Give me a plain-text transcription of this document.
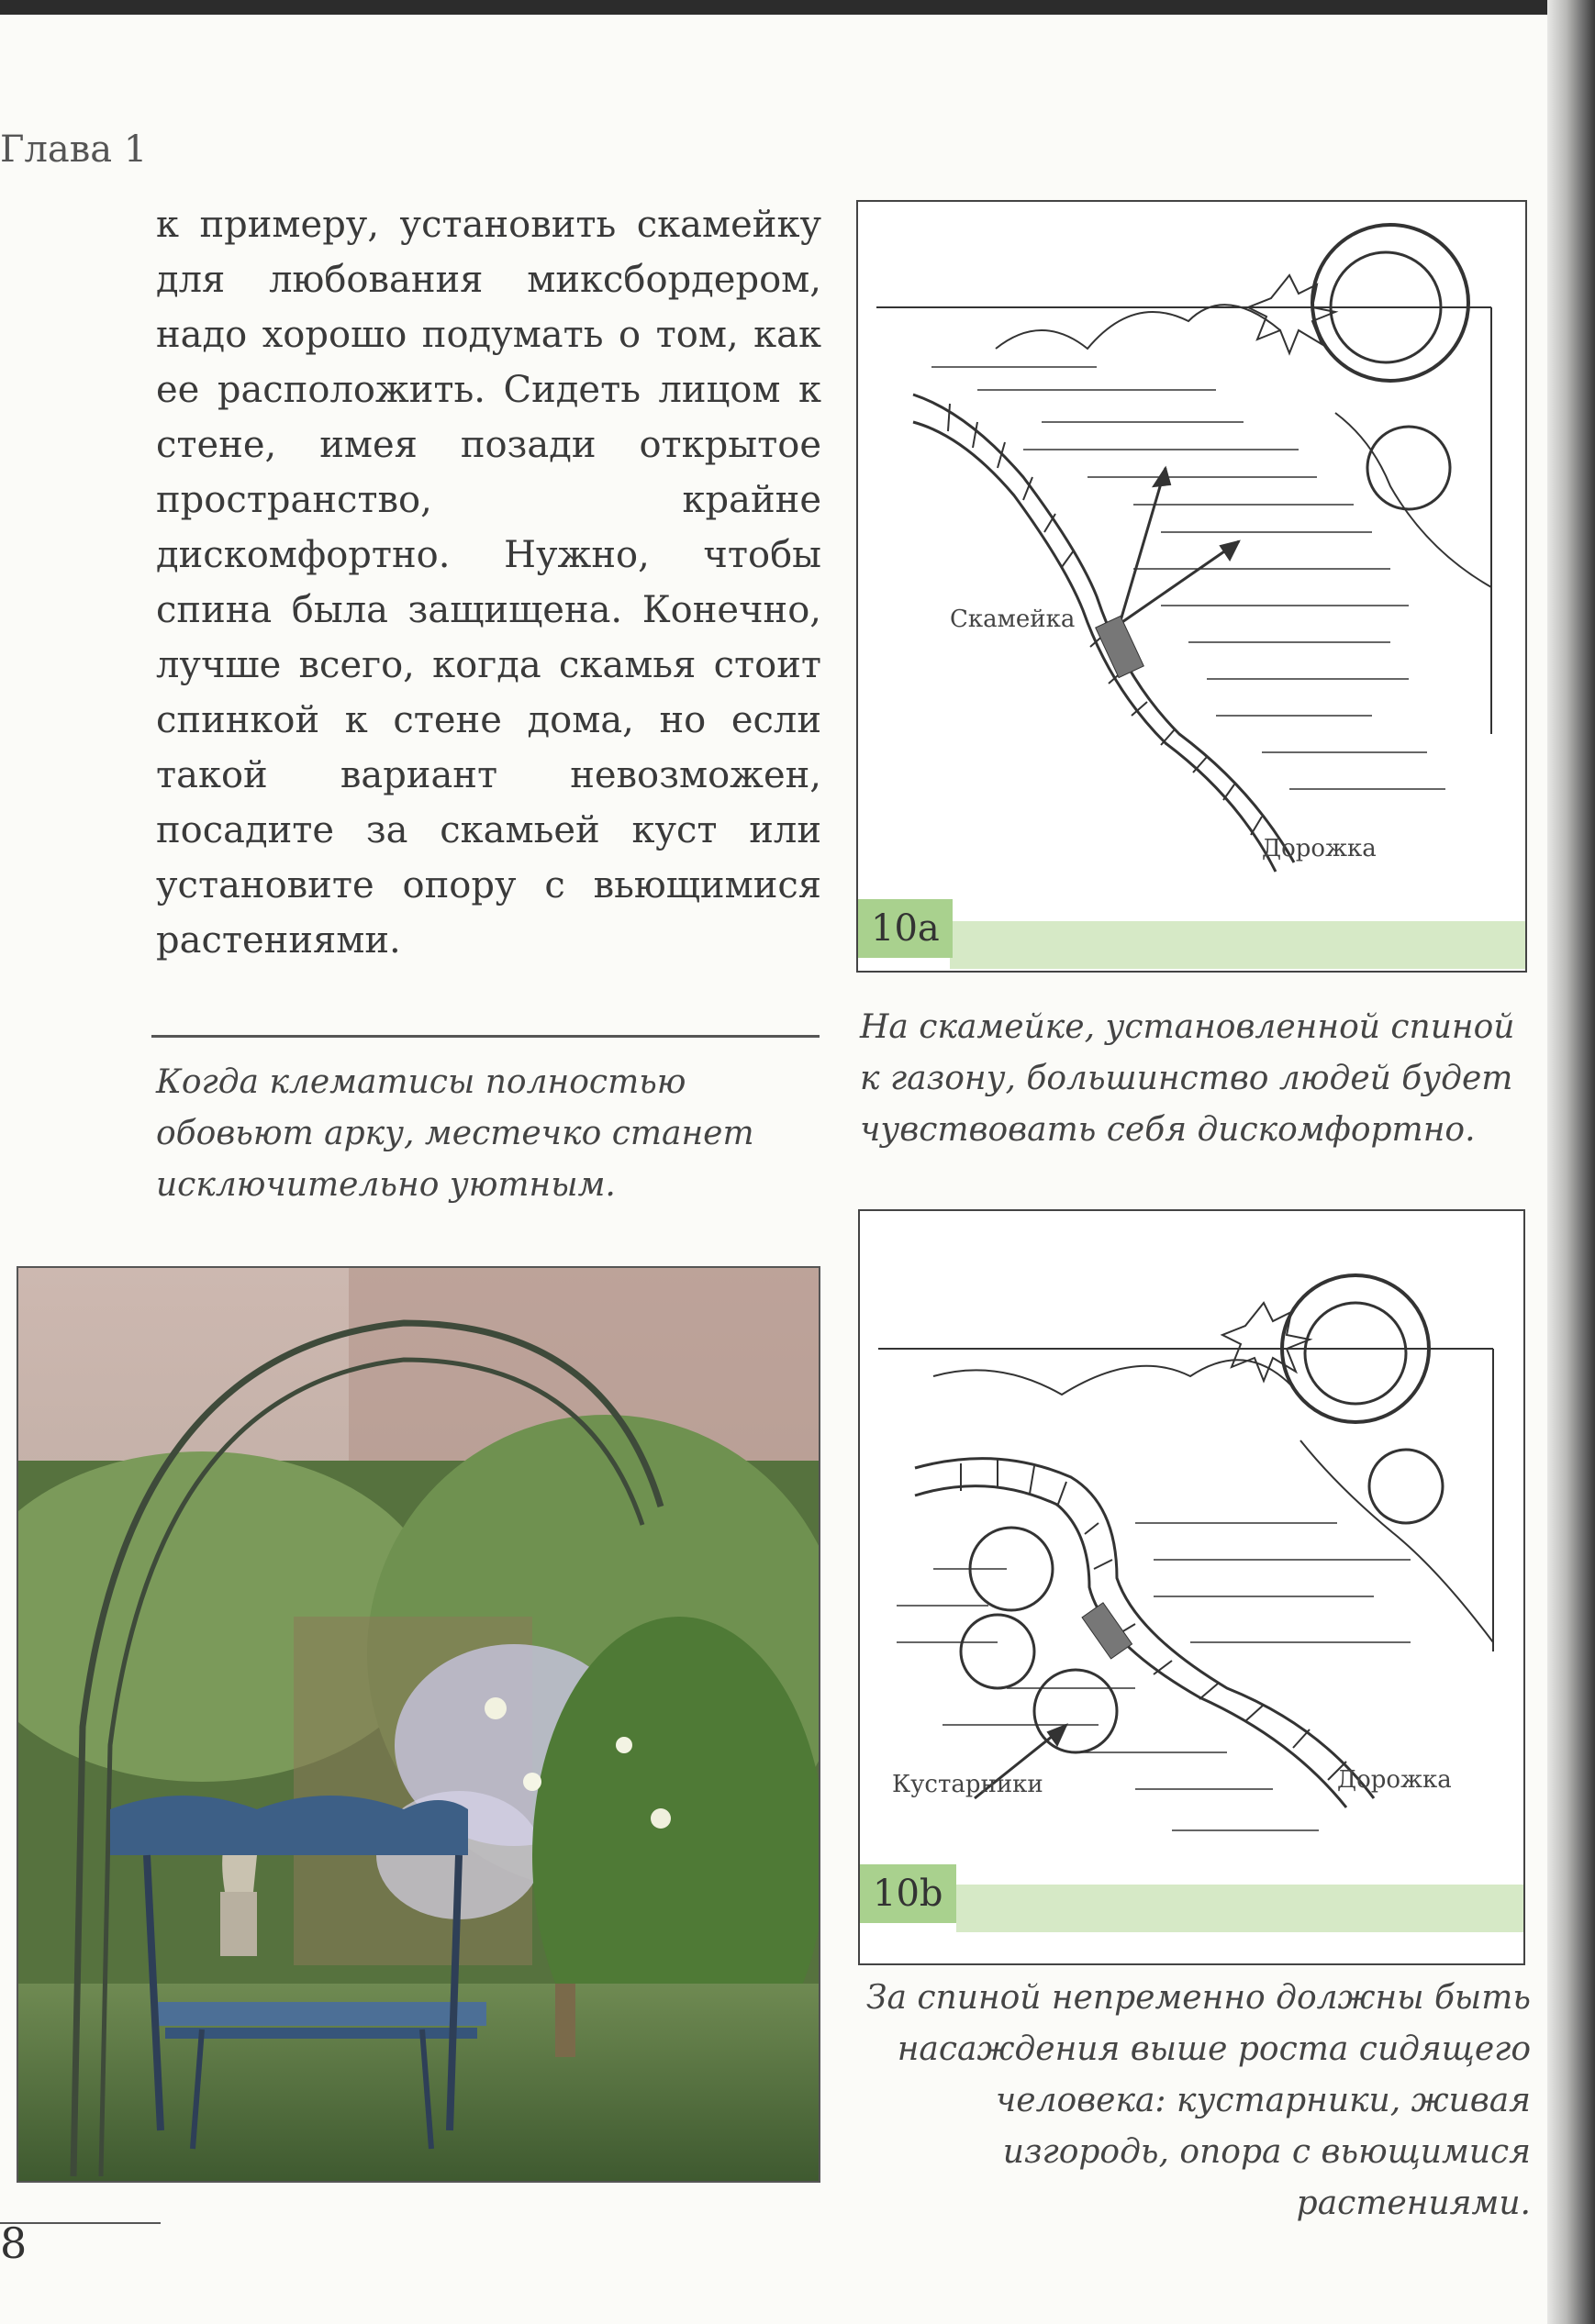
Глава 1

к примеру, установить скамейку для любования миксбордером, надо хорошо подумать о том, как ее расположить. Сидеть лицом к стене, имея позади открытое пространство, крайне дискомфортно. Нужно, чтобы спина была защищена. Конечно, лучше всего, когда скамья стоит спинкой к стене дома, но если такой вариант невозможен, посадите за скамьей куст или установите опору с вьющимися растениями.

Когда клематисы полностью обовьют арку, местечко станет исключительно уютным.
Скамейка
Дорожка
10a
На скамейке, установленной спиной к газону, большинство людей будет чувствовать себя дискомфортно.
Кустарники	Дорожка
10b
За спиной непременно должны быть насаждения выше роста сидящего человека: кустарники, живая изгородь, опора с вьющимися растениями.
8
